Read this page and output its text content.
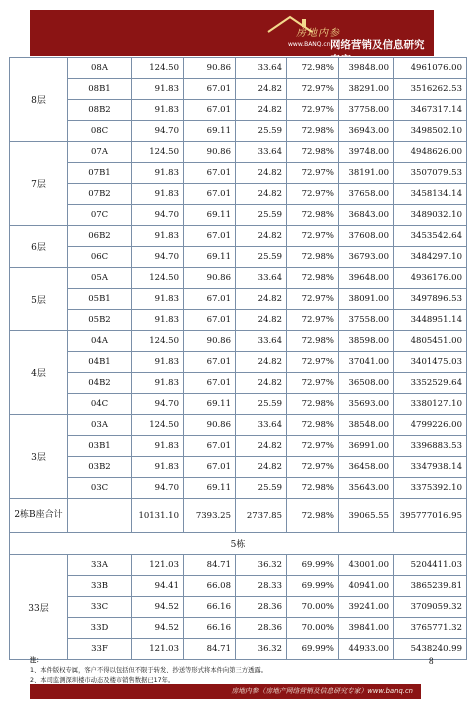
房地内参
www.BANQ.cn 网络营销及信息研究专家
8层	08A	124.50	90.86	33.64	72.98%	39848.00	4961076.00
	08B1	91.83	67.01	24.82	72.97%	38291.00	3516262.53
	08B2	91.83	67.01	24.82	72.97%	37758.00	3467317.14
	08C	94.70	69.11	25.59	72.98%	36943.00	3498502.10
7层	07A	124.50	90.86	33.64	72.98%	39748.00	4948626.00
	07B1	91.83	67.01	24.82	72.97%	38191.00	3507079.53
	07B2	91.83	67.01	24.82	72.97%	37658.00	3458134.14
	07C	94.70	69.11	25.59	72.98%	36843.00	3489032.10
6层	06B2	91.83	67.01	24.82	72.97%	37608.00	3453542.64
	06C	94.70	69.11	25.59	72.98%	36793.00	3484297.10
5层	05A	124.50	90.86	33.64	72.98%	39648.00	4936176.00
	05B1	91.83	67.01	24.82	72.97%	38091.00	3497896.53
	05B2	91.83	67.01	24.82	72.97%	37558.00	3448951.14
4层	04A	124.50	90.86	33.64	72.98%	38598.00	4805451.00
	04B1	91.83	67.01	24.82	72.97%	37041.00	3401475.03
	04B2	91.83	67.01	24.82	72.97%	36508.00	3352529.64
	04C	94.70	69.11	25.59	72.98%	35693.00	3380127.10
3层	03A	124.50	90.86	33.64	72.98%	38548.00	4799226.00
	03B1	91.83	67.01	24.82	72.97%	36991.00	3396883.53
	03B2	91.83	67.01	24.82	72.97%	36458.00	3347938.14
	03C	94.70	69.11	25.59	72.98%	35643.00	3375392.10
2栋B座合计		10131.10	7393.25	2737.85	72.98%	39065.55	395777016.95
5栋							
33层	33A	121.03	84.71	36.32	69.99%	43001.00	5204411.03
	33B	94.41	66.08	28.33	69.99%	40941.00	3865239.81
	33C	94.52	66.16	28.36	70.00%	39241.00	3709059.32
	33D	94.52	66.16	28.36	70.00%	39841.00	3765771.32
	33F	121.03	84.71	36.32	69.99%	44933.00	5438240.99
注：
1、本件版权专属，客户不得以包括但不限于转发、抄送等形式将本件向第三方透露。
2、本司监测深圳楼市动态及楼市销售数据已17年。
8
房地内参（房地产网络营销及信息研究专家）www.banq.cn
